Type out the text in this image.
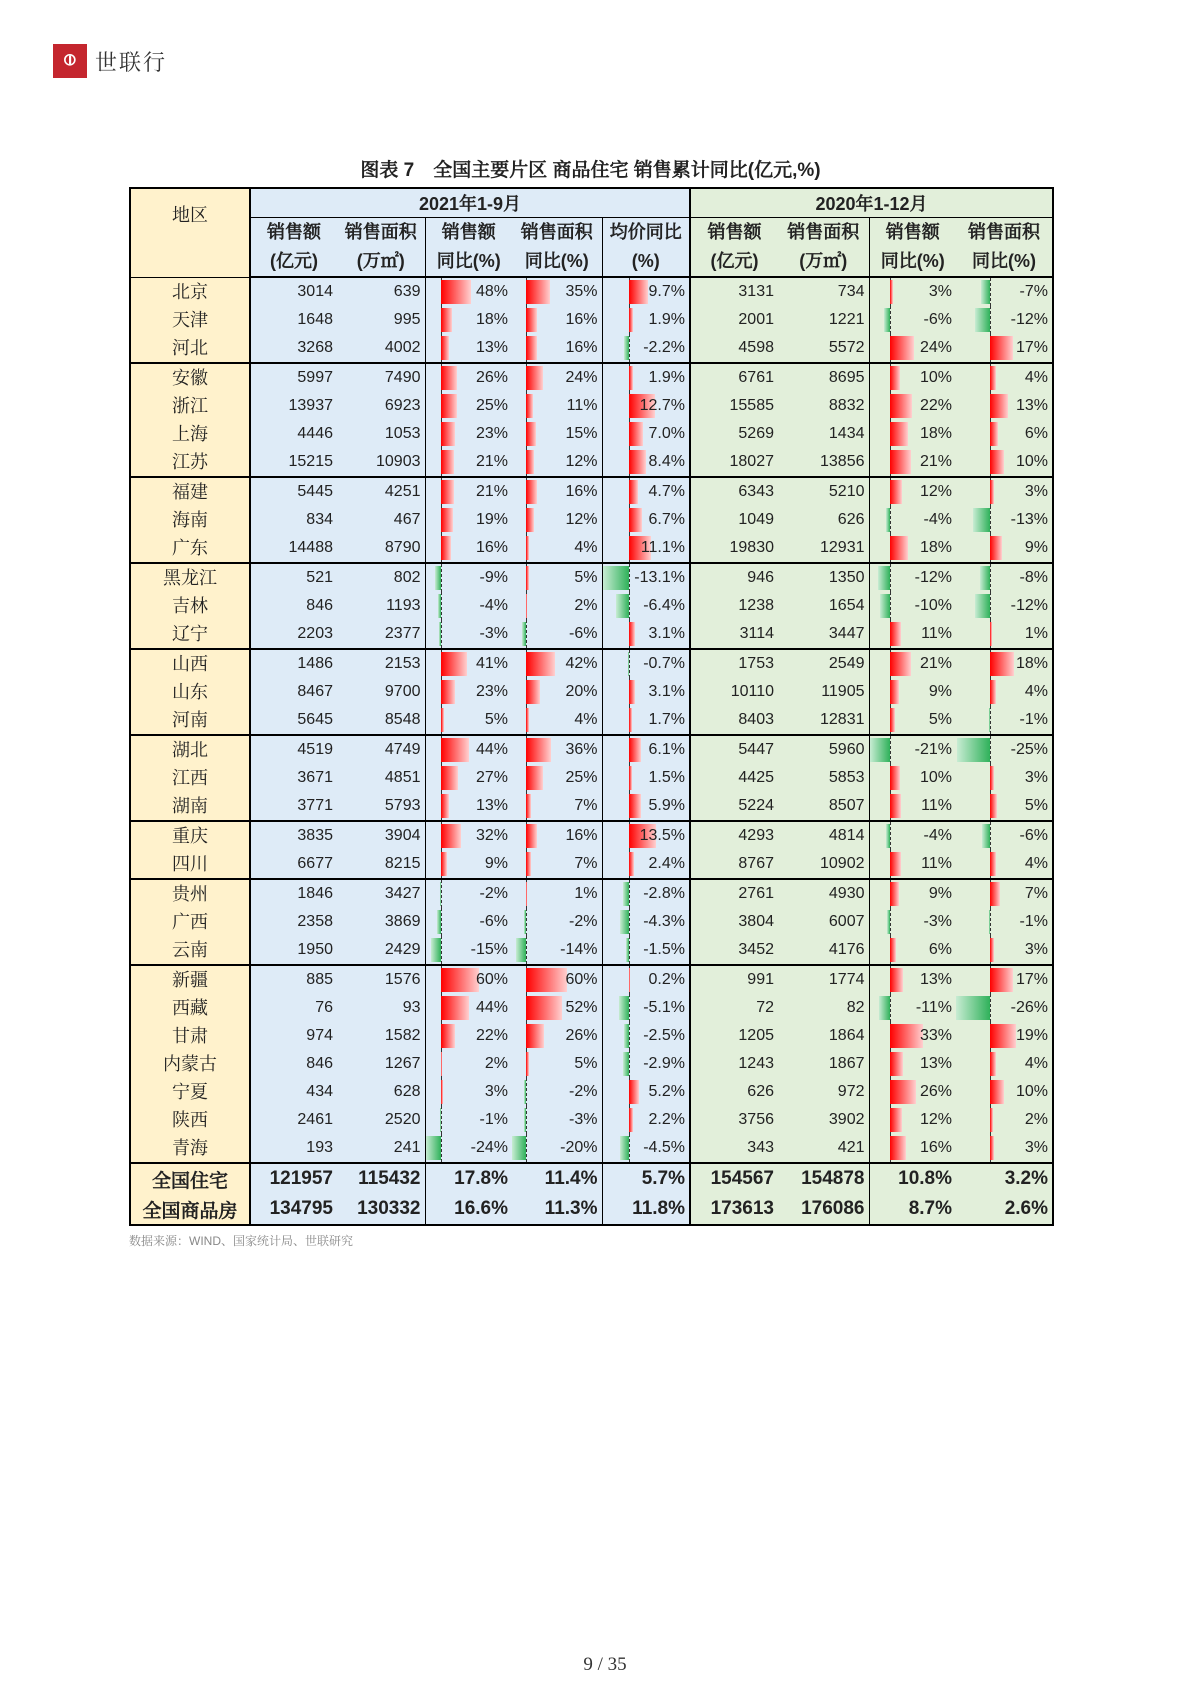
⦶ 世联行
图表 7　全国主要片区 商品住宅 销售累计同比(亿元,%)
地区	2021年1-9月					2020年1-12月			
	销售额	销售面积	销售额	销售面积	均价同比	销售额	销售面积	销售额	销售面积
	(亿元)	(万㎡)	同比(%)	同比(%)	(%)	(亿元)	(万㎡)	同比(%)	同比(%)
北京	3014	639	48%	35%	9.7%	3131	734	3%	-7%

天津	1648	995	18%	16%	1.9%	2001	1221	-6%	-12%

河北	3268	4002	13%	16%	-2.2%	4598	5572	24%	17%

安徽	5997	7490	26%	24%	1.9%	6761	8695	10%	4%

浙江	13937	6923	25%	11%	12.7%	15585	8832	22%	13%

上海	4446	1053	23%	15%	7.0%	5269	1434	18%	6%

江苏	15215	10903	21%	12%	8.4%	18027	13856	21%	10%

福建	5445	4251	21%	16%	4.7%	6343	5210	12%	3%

海南	834	467	19%	12%	6.7%	1049	626	-4%	-13%

广东	14488	8790	16%	4%	11.1%	19830	12931	18%	9%

黑龙江	521	802	-9%	5%	-13.1%	946	1350	-12%	-8%

吉林	846	1193	-4%	2%	-6.4%	1238	1654	-10%	-12%

辽宁	2203	2377	-3%	-6%	3.1%	3114	3447	11%	1%

山西	1486	2153	41%	42%	-0.7%	1753	2549	21%	18%

山东	8467	9700	23%	20%	3.1%	10110	11905	9%	4%

河南	5645	8548	5%	4%	1.7%	8403	12831	5%	-1%

湖北	4519	4749	44%	36%	6.1%	5447	5960	-21%	-25%

江西	3671	4851	27%	25%	1.5%	4425	5853	10%	3%

湖南	3771	5793	13%	7%	5.9%	5224	8507	11%	5%

重庆	3835	3904	32%	16%	13.5%	4293	4814	-4%	-6%

四川	6677	8215	9%	7%	2.4%	8767	10902	11%	4%

贵州	1846	3427	-2%	1%	-2.8%	2761	4930	9%	7%

广西	2358	3869	-6%	-2%	-4.3%	3804	6007	-3%	-1%

云南	1950	2429	-15%	-14%	-1.5%	3452	4176	6%	3%

新疆	885	1576	60%	60%	0.2%	991	1774	13%	17%

西藏	76	93	44%	52%	-5.1%	72	82	-11%	-26%

甘肃	974	1582	22%	26%	-2.5%	1205	1864	33%	19%

内蒙古	846	1267	2%	5%	-2.9%	1243	1867	13%	4%

宁夏	434	628	3%	-2%	5.2%	626	972	26%	10%

陕西	2461	2520	-1%	-3%	2.2%	3756	3902	12%	2%

青海	193	241	-24%	-20%	-4.5%	343	421	16%	3%

全国住宅	121957	115432	17.8%	11.4%	5.7%	154567	154878	10.8%	3.2%
全国商品房	134795	130332	16.6%	11.3%	11.8%	173613	176086	8.7%	2.6%
数据来源：WIND、国家统计局、世联研究
9 / 35
